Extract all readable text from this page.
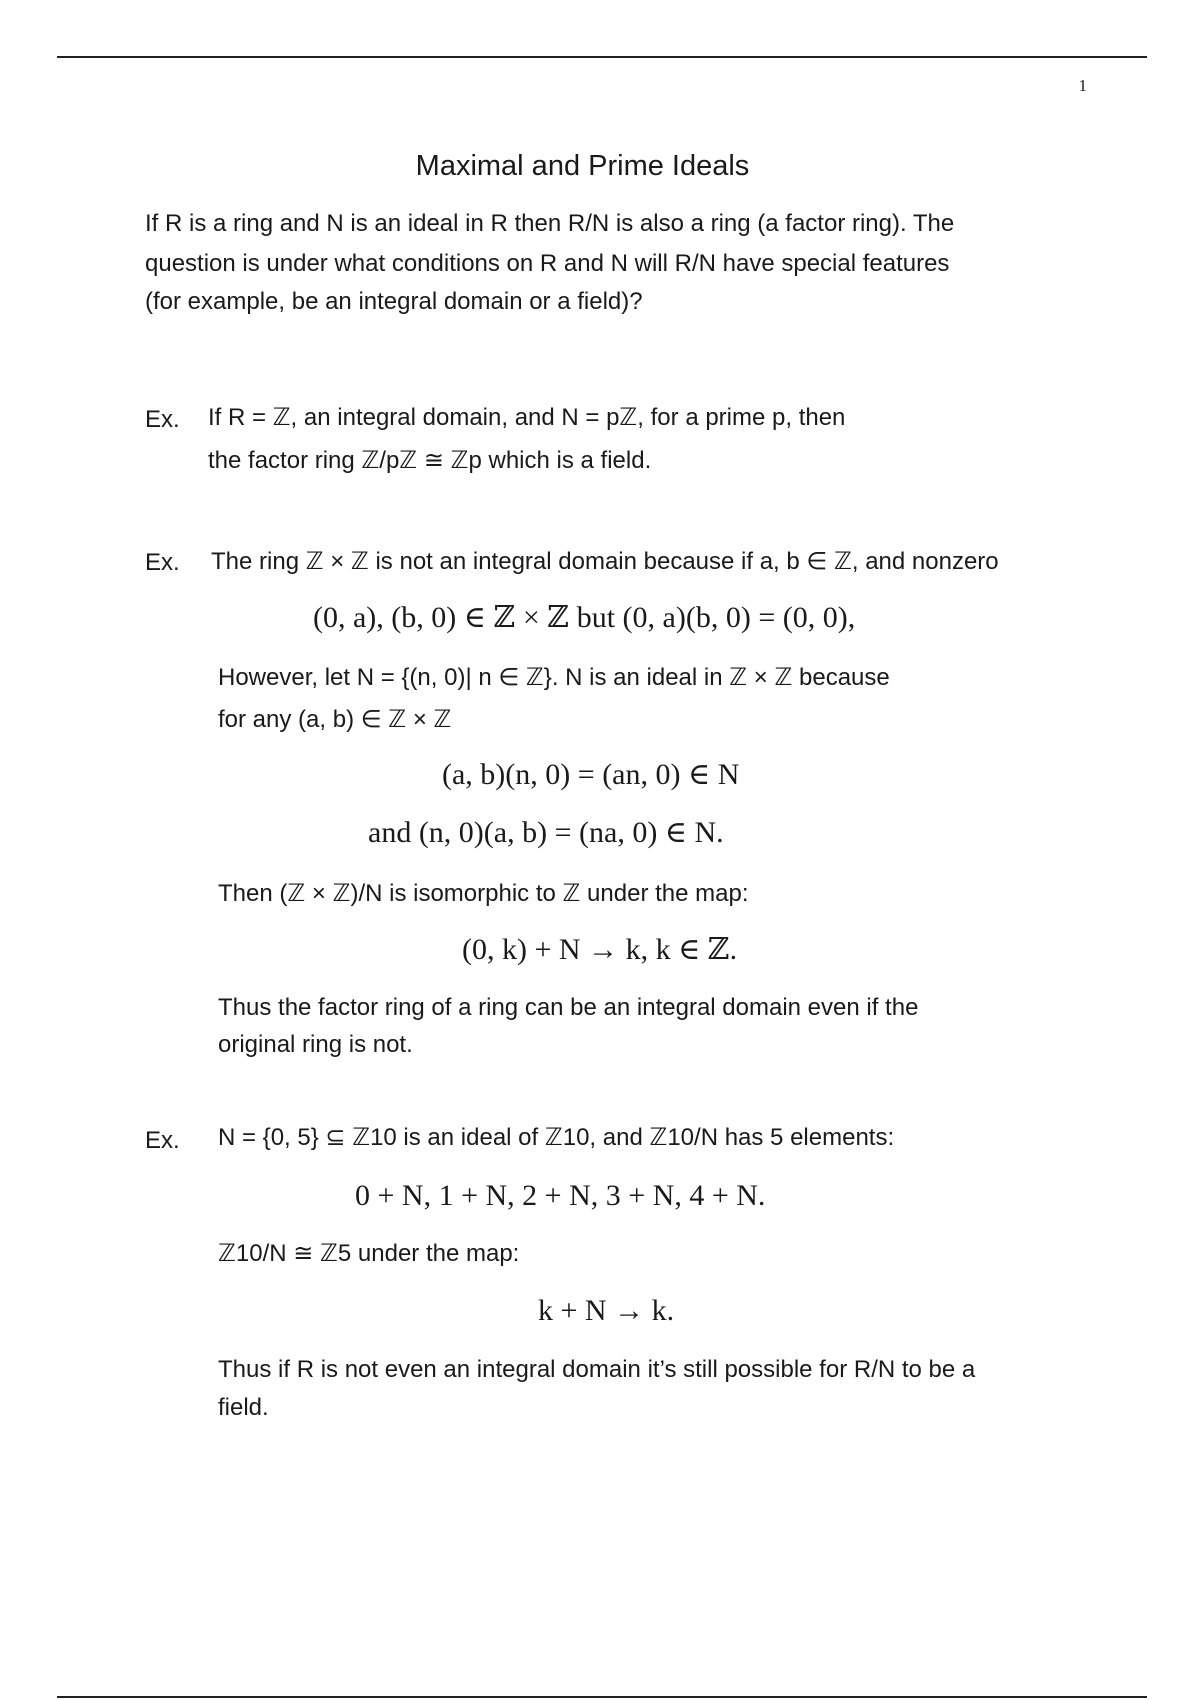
1
Maximal and Prime Ideals
If R is a ring and N is an ideal in R then R/N is also a ring (a factor ring). The
question is under what conditions on R and N will R/N have special features
(for example, be an integral domain or a field)?
Ex. If R = ℤ, an integral domain, and N = pℤ, for a prime p, then
the factor ring ℤ/pℤ ≅ ℤp which is a field.
Ex. The ring ℤ × ℤ is not an integral domain because if a, b ∈ ℤ, and nonzero
(0, a), (b, 0) ∈ ℤ × ℤ but (0, a)(b, 0) = (0, 0),
However, let N = {(n, 0)| n ∈ ℤ}. N is an ideal in ℤ × ℤ because
for any (a, b) ∈ ℤ × ℤ
(a, b)(n, 0) = (an, 0) ∈ N
and (n, 0)(a, b) = (na, 0) ∈ N.
Then (ℤ × ℤ)/N is isomorphic to ℤ under the map:
(0, k) + N → k, k ∈ ℤ.
Thus the factor ring of a ring can be an integral domain even if the
original ring is not.
Ex. N = {0, 5} ⊆ ℤ10 is an ideal of ℤ10, and ℤ10/N has 5 elements:
0 + N, 1 + N, 2 + N, 3 + N, 4 + N.
ℤ10/N ≅ ℤ5 under the map:
k + N → k.
Thus if R is not even an integral domain it’s still possible for R/N to be a
field.
